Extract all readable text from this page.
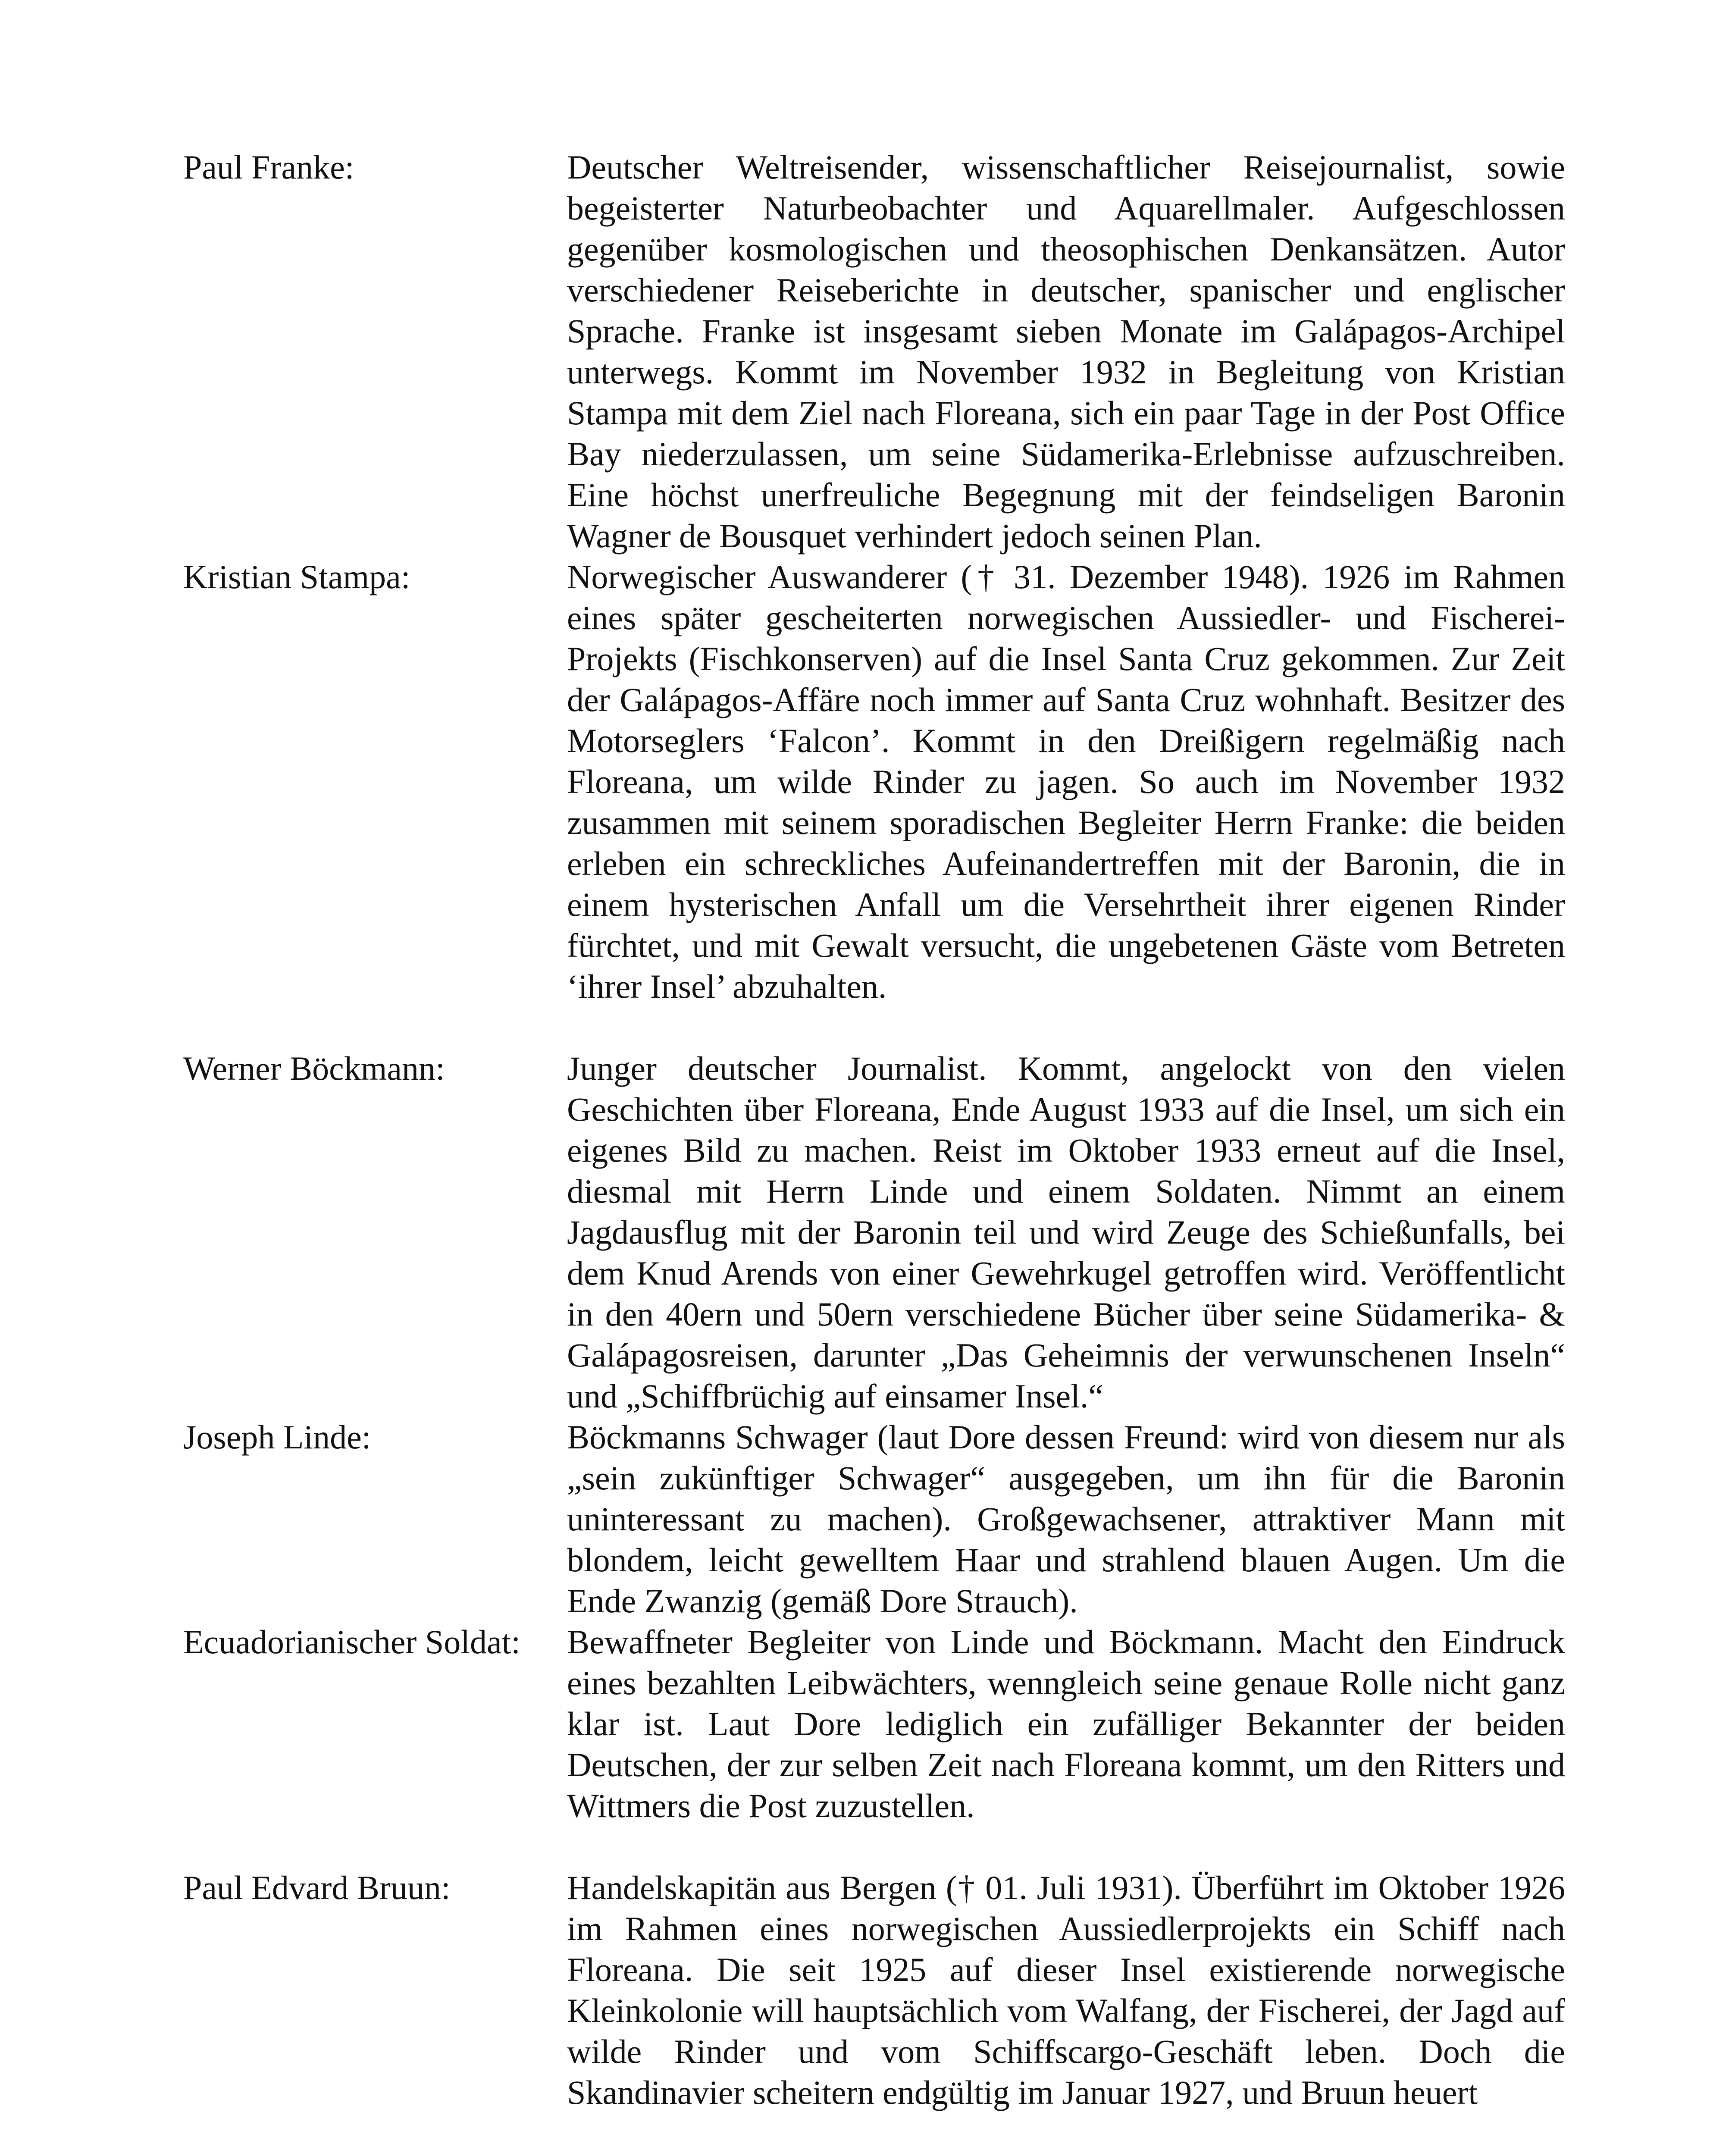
Paul Franke:	Deutscher Weltreisender, wissenschaftlicher Reisejournalist, sowie begeisterter Naturbeobachter und Aquarellmaler. Aufgeschlossen gegenüber kosmologischen und theosophischen Denkansätzen. Autor verschiedener Reiseberichte in deutscher, spanischer und englischer Sprache. Franke ist insgesamt sieben Monate im Galápagos-Archipel unterwegs. Kommt im November 1932 in Begleitung von Kristian Stampa mit dem Ziel nach Floreana, sich ein paar Tage in der Post Office Bay niederzulassen, um seine Südamerika-Erlebnisse aufzuschreiben. Eine höchst unerfreuliche Begegnung mit der feindseligen Baronin Wagner de Bousquet verhindert jedoch seinen Plan.
Kristian Stampa:	Norwegischer Auswanderer († 31. Dezember 1948). 1926 im Rahmen eines später gescheiterten norwegischen Aussiedler- und Fischerei-Projekts (Fischkonserven) auf die Insel Santa Cruz gekommen. Zur Zeit der Galápagos-Affäre noch immer auf Santa Cruz wohnhaft. Besitzer des Motorseglers ‘Falcon’. Kommt in den Dreißigern regelmäßig nach Floreana, um wilde Rinder zu jagen. So auch im November 1932 zusammen mit seinem sporadischen Begleiter Herrn Franke: die beiden erleben ein schreckliches Aufeinandertreffen mit der Baronin, die in einem hysterischen Anfall um die Versehrtheit ihrer eigenen Rinder fürchtet, und mit Gewalt versucht, die ungebetenen Gäste vom Betreten ‘ihrer Insel’ abzuhalten.
Werner Böckmann:	Junger deutscher Journalist. Kommt, angelockt von den vielen Geschichten über Floreana, Ende August 1933 auf die Insel, um sich ein eigenes Bild zu machen. Reist im Oktober 1933 erneut auf die Insel, diesmal mit Herrn Linde und einem Soldaten. Nimmt an einem Jagdausflug mit der Baronin teil und wird Zeuge des Schießunfalls, bei dem Knud Arends von einer Gewehrkugel getroffen wird. Veröffentlicht in den 40ern und 50ern verschiedene Bücher über seine Südamerika- & Galápagosreisen, darunter „Das Geheimnis der verwunschenen Inseln“ und „Schiffbrüchig auf einsamer Insel.“
Joseph Linde:	Böckmanns Schwager (laut Dore dessen Freund: wird von diesem nur als „sein zukünftiger Schwager“ ausgegeben, um ihn für die Baronin uninteressant zu machen). Großgewachsener, attraktiver Mann mit blondem, leicht gewelltem Haar und strahlend blauen Augen. Um die Ende Zwanzig (gemäß Dore Strauch).
Ecuadorianischer Soldat:	Bewaffneter Begleiter von Linde und Böckmann. Macht den Eindruck eines bezahlten Leibwächters, wenngleich seine genaue Rolle nicht ganz klar ist. Laut Dore lediglich ein zufälliger Bekannter der beiden Deutschen, der zur selben Zeit nach Floreana kommt, um den Ritters und Wittmers die Post zuzustellen.
Paul Edvard Bruun:	Handelskapitän aus Bergen († 01. Juli 1931). Überführt im Oktober 1926 im Rahmen eines norwegischen Aussiedlerprojekts ein Schiff nach Floreana. Die seit 1925 auf dieser Insel existierende norwegische Kleinkolonie will hauptsächlich vom Walfang, der Fischerei, der Jagd auf wilde Rinder und vom Schiffscargo-Geschäft leben. Doch die Skandinavier scheitern endgültig im Januar 1927, und Bruun heuert
